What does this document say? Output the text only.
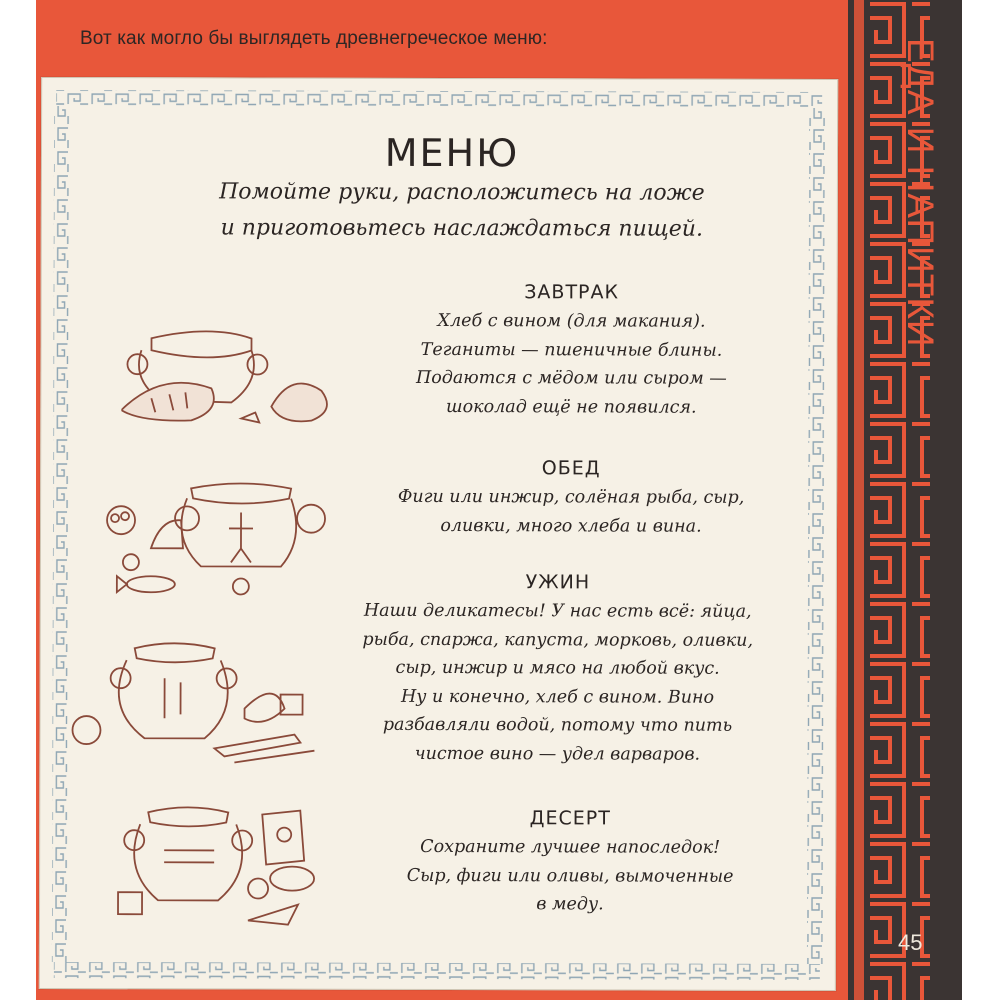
Вот как могло бы выглядеть древнегреческое меню:	ЕДА И НАПИТКИ
45
МЕНЮ
Помойте руки, расположитесь на ложе
и приготовьтесь наслаждаться пищей.
ЗАВТРАК
Хлеб с вином (для макания).
Теганиты — пшеничные блины.
Подаются с мёдом или сыром —
шоколад ещё не появился.
ОБЕД
Фиги или инжир, солёная рыба, сыр,
оливки, много хлеба и вина.
УЖИН
Наши деликатесы! У нас есть всё: яйца,
рыба, спаржа, капуста, морковь, оливки,
сыр, инжир и мясо на любой вкус.
Ну и конечно, хлеб с вином. Вино
разбавляли водой, потому что пить
чистое вино — удел варваров.
ДЕСЕРТ
Сохраните лучшее напоследок!
Сыр, фиги или оливы, вымоченные
в меду.
